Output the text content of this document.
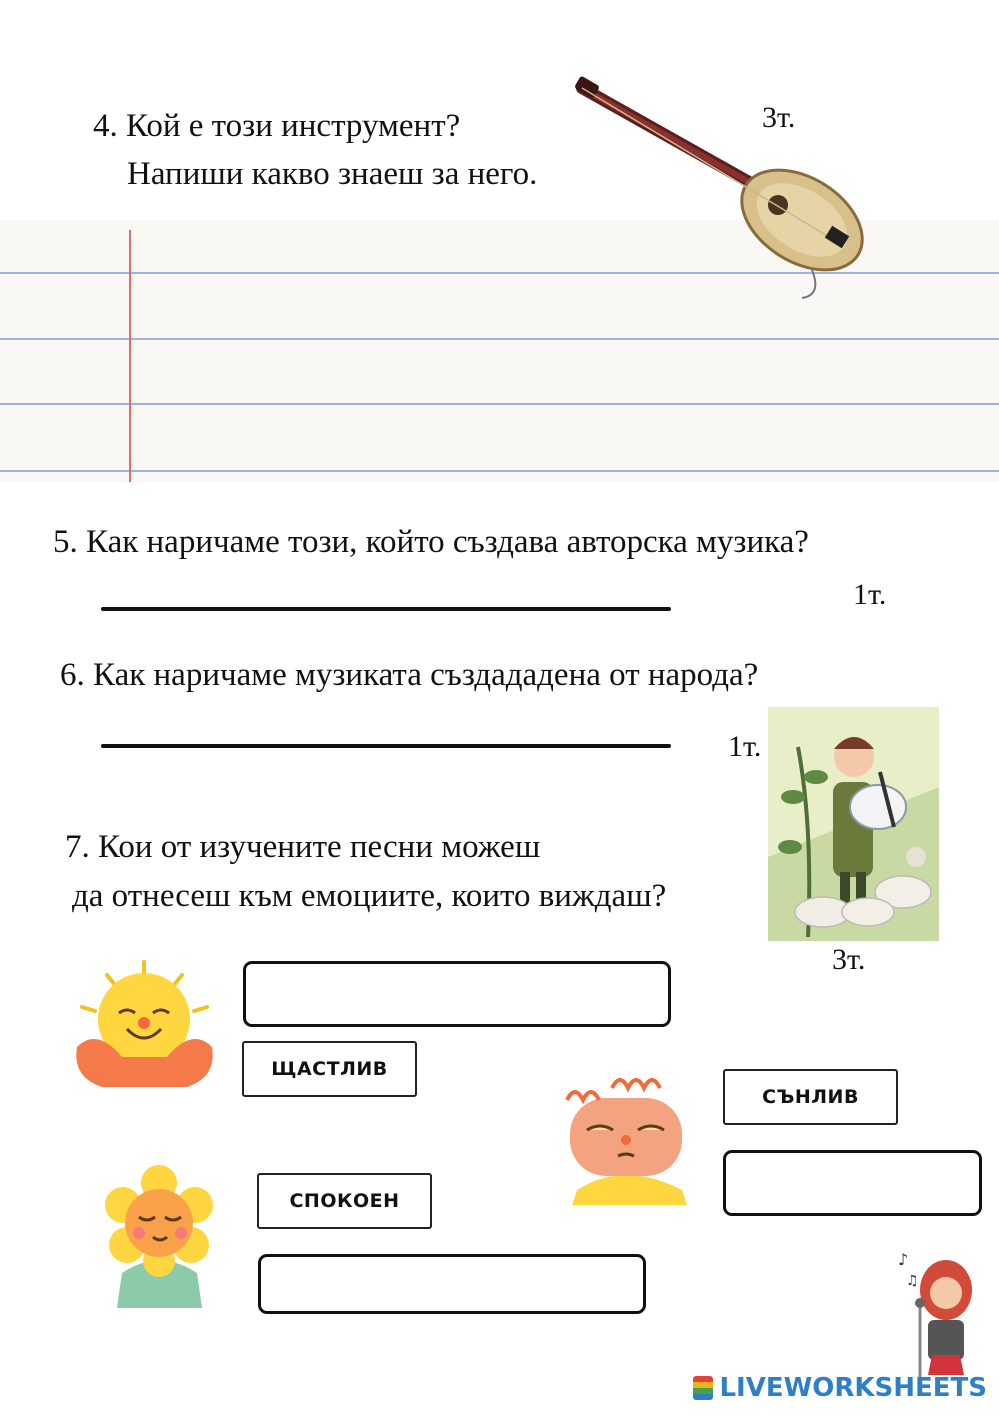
4. Кой е този инструмент?
Напиши какво знаеш за него.
3т.
5. Как наричаме този, който създава авторска музика?
1т.
6. Как наричаме музиката създададена от народа?
1т.
7. Кои от изучените песни можеш
да отнесеш към емоциите, които виждаш?
3т.
ЩАСТЛИВ
СЪНЛИВ
СПОКОЕН
♪
♫
LIVEWORKSHEETS
